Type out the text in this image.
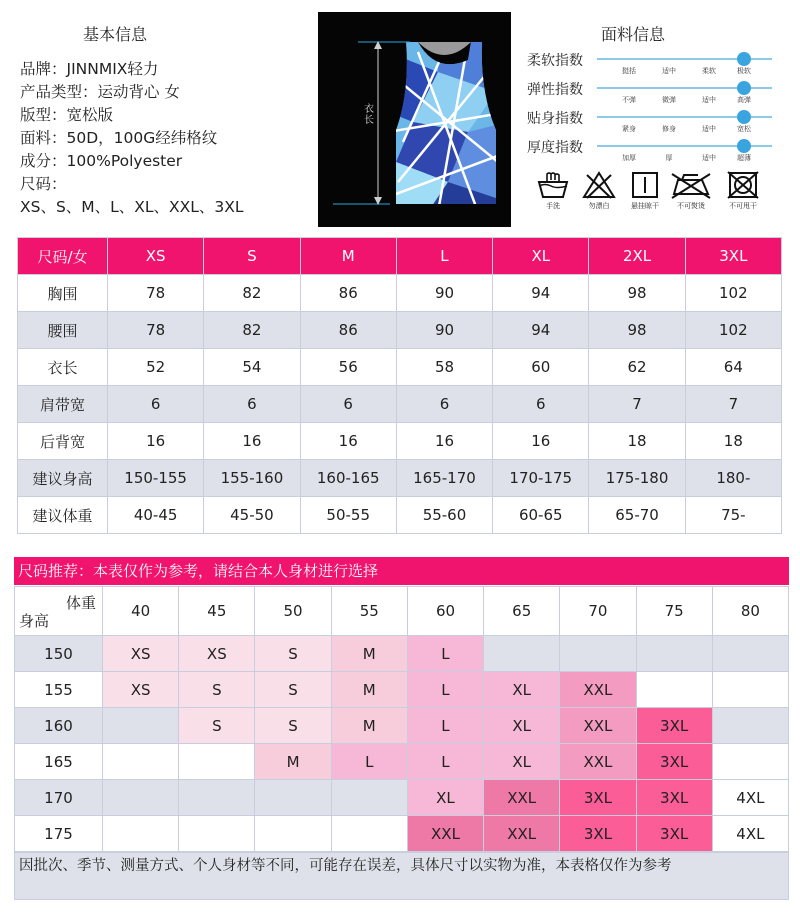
基本信息
品牌：JINNMIX轻力
产品类型：运动背心 女
版型：宽松版
面料：50D，100G经纬格纹
成分：100%Polyester
尺码：
XS、S、M、L、XL、XXL、3XL
衣长
面料信息
柔软指数
挺括	适中	柔软	极软
弹性指数
不弹	微弹	适中	高弹
贴身指数
紧身	修身	适中	宽松
厚度指数
加厚	厚	适中	超薄
手洗	勿漂白	悬挂晾干	不可熨烫	不可甩干
尺码/女	XS	S	M	L	XL	2XL	3XL
胸围	78	82	86	90	94	98	102
腰围	78	82	86	90	94	98	102
衣长	52	54	56	58	60	62	64
肩带宽	6	6	6	6	6	7	7
后背宽	16	16	16	16	16	18	18
建议身高	150-155	155-160	160-165	165-170	170-175	175-180	180-
建议体重	40-45	45-50	50-55	55-60	60-65	65-70	75-
尺码推荐：本表仅作为参考，请结合本人身材进行选择
体重
身高	40	45	50	55	60	65	70	75	80
150	XS	XS	S	M	L				
155	XS	S	S	M	L	XL	XXL		
160		S	S	M	L	XL	XXL	3XL	
165			M	L	L	XL	XXL	3XL	
170					XL	XXL	3XL	3XL	4XL
175					XXL	XXL	3XL	3XL	4XL
因批次、季节、测量方式、个人身材等不同，可能存在误差，具体尺寸以实物为准，本表格仅作为参考
